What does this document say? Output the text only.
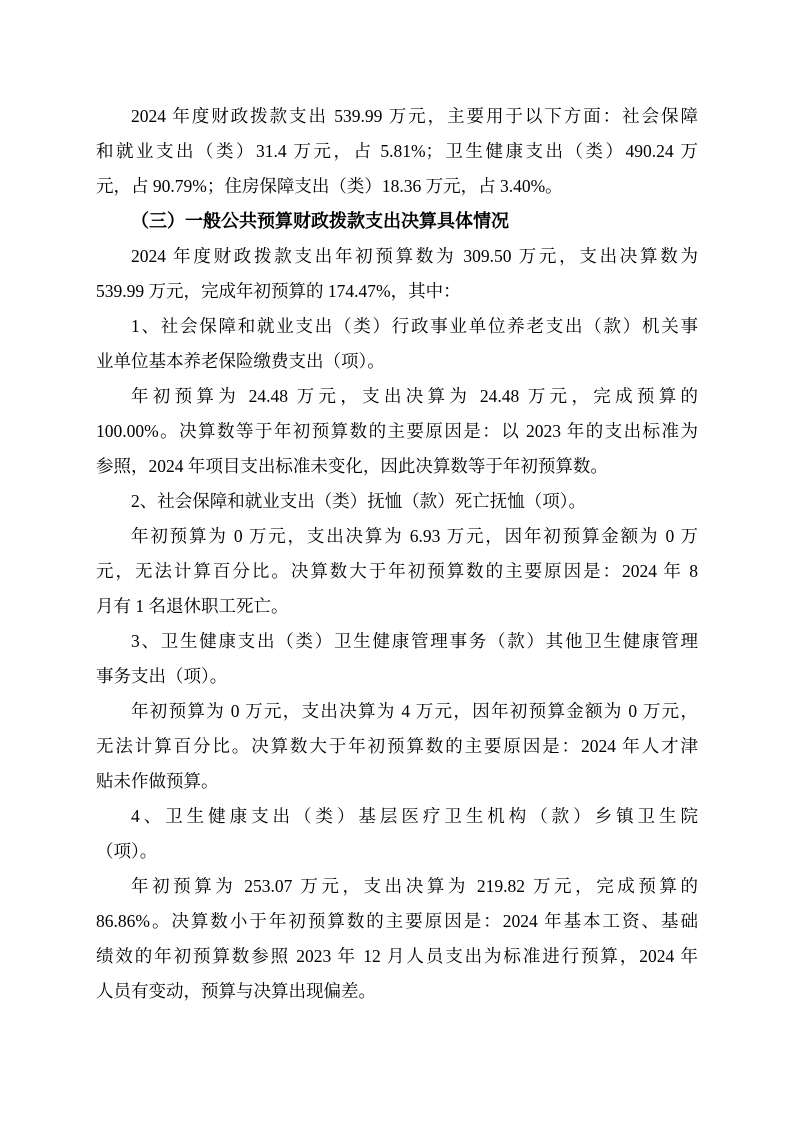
2024 年度财政拨款支出 539.99 万元，主要用于以下方面：社会保障
和就业支出（类）31.4 万元，占 5.81%；卫生健康支出（类）490.24 万
元，占 90.79%；住房保障支出（类）18.36 万元，占 3.40%。
（三）一般公共预算财政拨款支出决算具体情况
2024 年度财政拨款支出年初预算数为 309.50 万元，支出决算数为
539.99 万元，完成年初预算的 174.47%，其中：
1、社会保障和就业支出（类）行政事业单位养老支出（款）机关事
业单位基本养老保险缴费支出（项）。
年初预算为 24.48 万元，支出决算为 24.48 万元，完成预算的
100.00%。决算数等于年初预算数的主要原因是：以 2023 年的支出标准为
参照，2024 年项目支出标准未变化，因此决算数等于年初预算数。
2、社会保障和就业支出（类）抚恤（款）死亡抚恤（项）。
年初预算为 0 万元，支出决算为 6.93 万元，因年初预算金额为 0 万
元，无法计算百分比。决算数大于年初预算数的主要原因是：2024 年 8
月有 1 名退休职工死亡。
3、卫生健康支出（类）卫生健康管理事务（款）其他卫生健康管理
事务支出（项）。
年初预算为 0 万元，支出决算为 4 万元，因年初预算金额为 0 万元，
无法计算百分比。决算数大于年初预算数的主要原因是：2024 年人才津
贴未作做预算。
4、卫生健康支出（类）基层医疗卫生机构（款）乡镇卫生院
（项）。
年初预算为 253.07 万元，支出决算为 219.82 万元，完成预算的
86.86%。决算数小于年初预算数的主要原因是：2024 年基本工资、基础
绩效的年初预算数参照 2023 年 12 月人员支出为标准进行预算，2024 年
人员有变动，预算与决算出现偏差。
